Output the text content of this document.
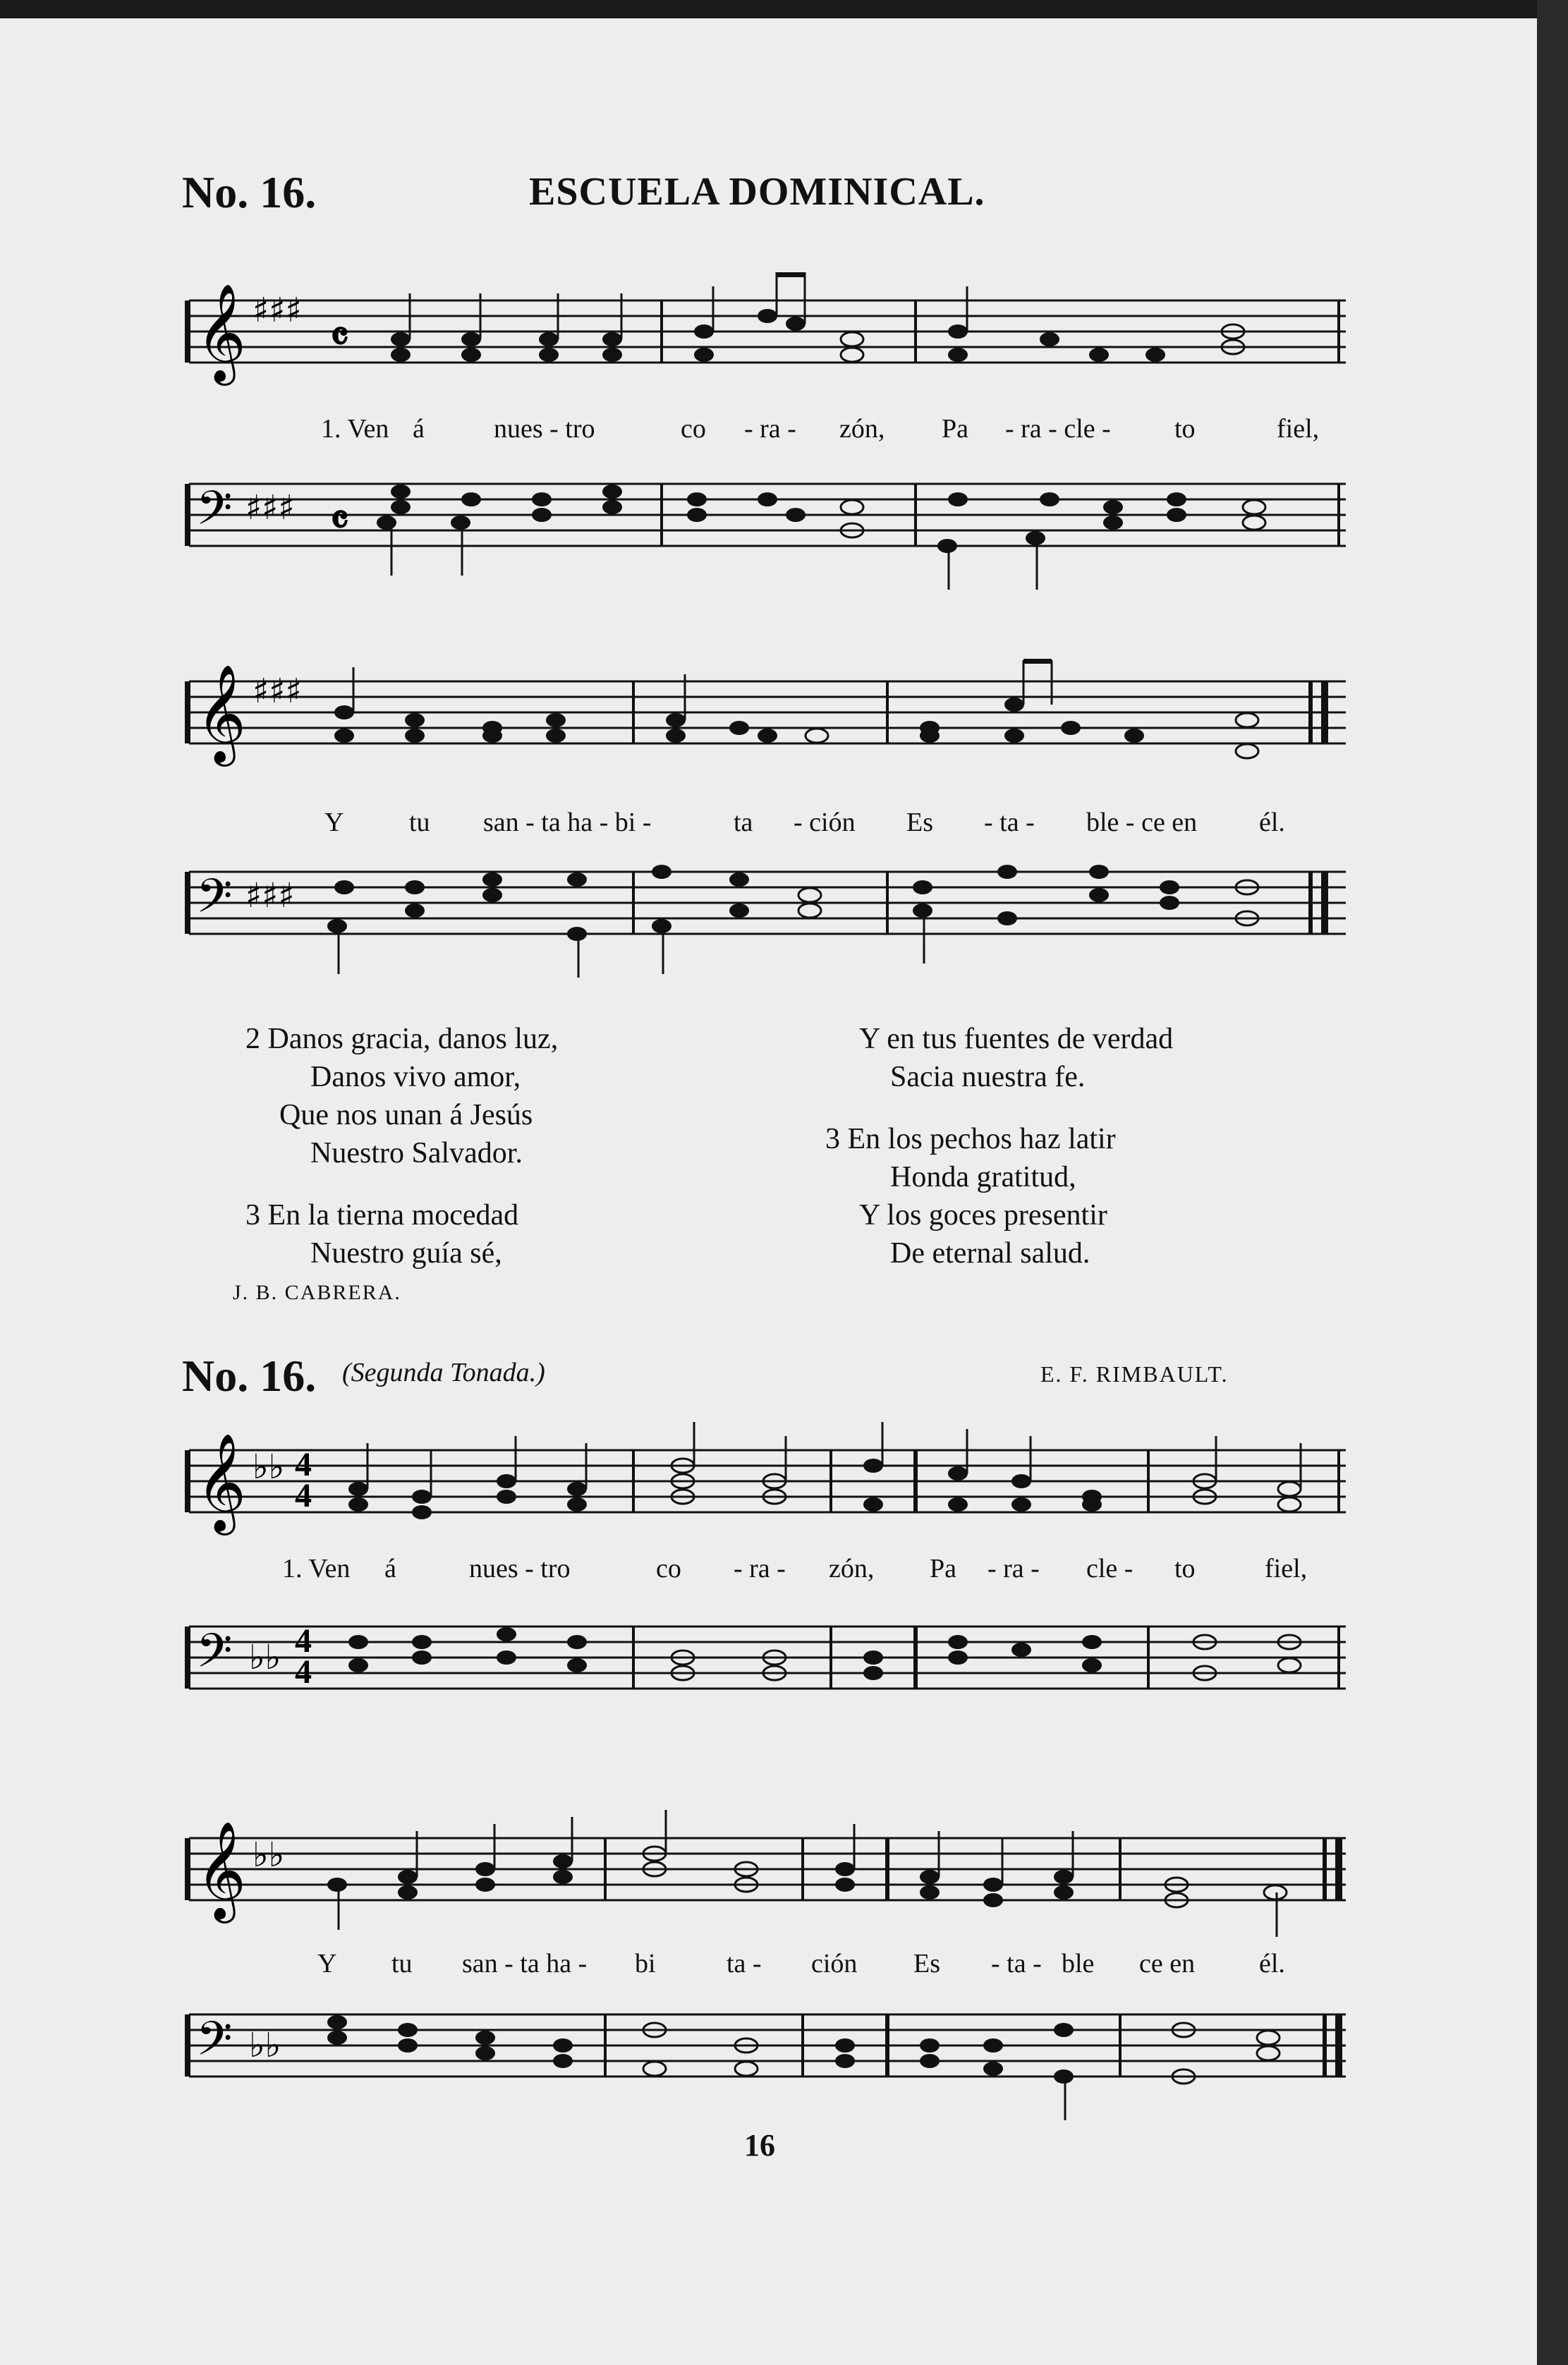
No. 16.	ESCUELA DOMINICAL.
𝄞 ♯♯♯
𝄴
1. Ven á	nues - tro	co - ra - zón, Pa - ra - cle - to	fiel,
𝄢 ♯♯♯ 𝄴
𝄞 ♯♯♯
Y tu san - ta ha - bi -	ta - ción Es - ta - ble - ce en él.
𝄢 ♯♯♯
2 Danos gracia, danos luz,
Danos vivo amor,
Que nos unan á Jesús
Nuestro Salvador.
3 En la tierna mocedad
Nuestro guía sé,
Y en tus fuentes de verdad
Sacia nuestra fe.
3 En los pechos haz latir
Honda gratitud,
Y los goces presentir
De eternal salud.
J. B. CABRERA.
No. 16. (Segunda Tonada.)	E. F. RIMBAULT.
𝄞 ♭♭ 4
4
1. Ven á	nues - tro	co - ra - zón, Pa - ra - cle - to	fiel,
𝄢 ♭♭ 4
4
𝄞 ♭♭
Y tu san - ta ha - bi	ta - ción Es - ta - ble ce en él.
𝄢 ♭♭
16
